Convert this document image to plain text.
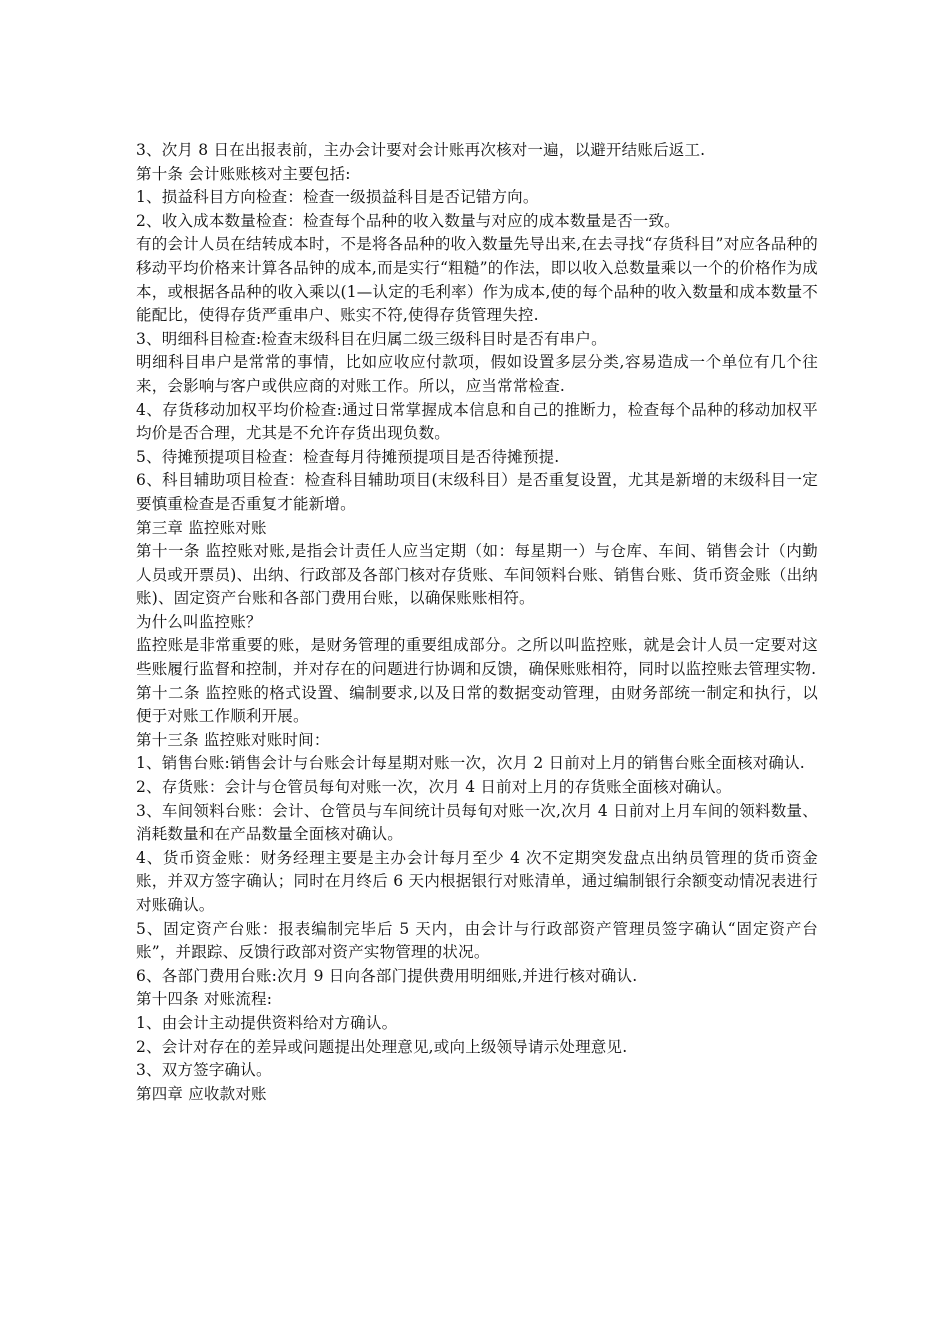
3、次月 8 日在出报表前，主办会计要对会计账再次核对一遍，以避开结账后返工.

第十条 会计账账核对主要包括:

1、损益科目方向检查：检查一级损益科目是否记错方向。

2、收入成本数量检查：检查每个品种的收入数量与对应的成本数量是否一致。

有的会计人员在结转成本时，不是将各品种的收入数量先导出来,在去寻找“存货科目”对应各品种的移动平均价格来计算各品钟的成本,而是实行“粗糙”的作法，即以收入总数量乘以一个的价格作为成本，或根据各品种的收入乘以(1—认定的毛利率）作为成本,使的每个品种的收入数量和成本数量不能配比，使得存货严重串户、账实不符,使得存货管理失控.

3、明细科目检查:检查末级科目在归属二级三级科目时是否有串户。

明细科目串户是常常的事情，比如应收应付款项，假如设置多层分类,容易造成一个单位有几个往来，会影响与客户或供应商的对账工作。所以，应当常常检查.

4、存货移动加权平均价检查:通过日常掌握成本信息和自己的推断力，检查每个品种的移动加权平均价是否合理，尤其是不允许存货出现负数。

5、待摊预提项目检查：检查每月待摊预提项目是否待摊预提.

6、科目辅助项目检查：检查科目辅助项目(末级科目）是否重复设置，尤其是新增的末级科目一定要慎重检查是否重复才能新增。

第三章 监控账对账

第十一条 监控账对账,是指会计责任人应当定期（如：每星期一）与仓库、车间、销售会计（内勤人员或开票员)、出纳、行政部及各部门核对存货账、车间领料台账、销售台账、货币资金账（出纳账)、固定资产台账和各部门费用台账，以确保账账相符。

为什么叫监控账？

监控账是非常重要的账，是财务管理的重要组成部分。之所以叫监控账，就是会计人员一定要对这些账履行监督和控制，并对存在的问题进行协调和反馈，确保账账相符，同时以监控账去管理实物.

第十二条 监控账的格式设置、编制要求,以及日常的数据变动管理，由财务部统一制定和执行，以便于对账工作顺利开展。

第十三条 监控账对账时间：

1、销售台账:销售会计与台账会计每星期对账一次，次月 2 日前对上月的销售台账全面核对确认.

2、存货账：会计与仓管员每旬对账一次，次月 4 日前对上月的存货账全面核对确认。

3、车间领料台账：会计、仓管员与车间统计员每旬对账一次,次月 4 日前对上月车间的领料数量、消耗数量和在产品数量全面核对确认。

4、货币资金账：财务经理主要是主办会计每月至少 4 次不定期突发盘点出纳员管理的货币资金账，并双方签字确认；同时在月终后 6 天内根据银行对账清单，通过编制银行余额变动情况表进行对账确认。

5、固定资产台账：报表编制完毕后 5 天内，由会计与行政部资产管理员签字确认“固定资产台账”，并跟踪、反馈行政部对资产实物管理的状况。

6、各部门费用台账:次月 9 日向各部门提供费用明细账,并进行核对确认.

第十四条 对账流程:

1、由会计主动提供资料给对方确认。

2、会计对存在的差异或问题提出处理意见,或向上级领导请示处理意见.

3、双方签字确认。

第四章 应收款对账
